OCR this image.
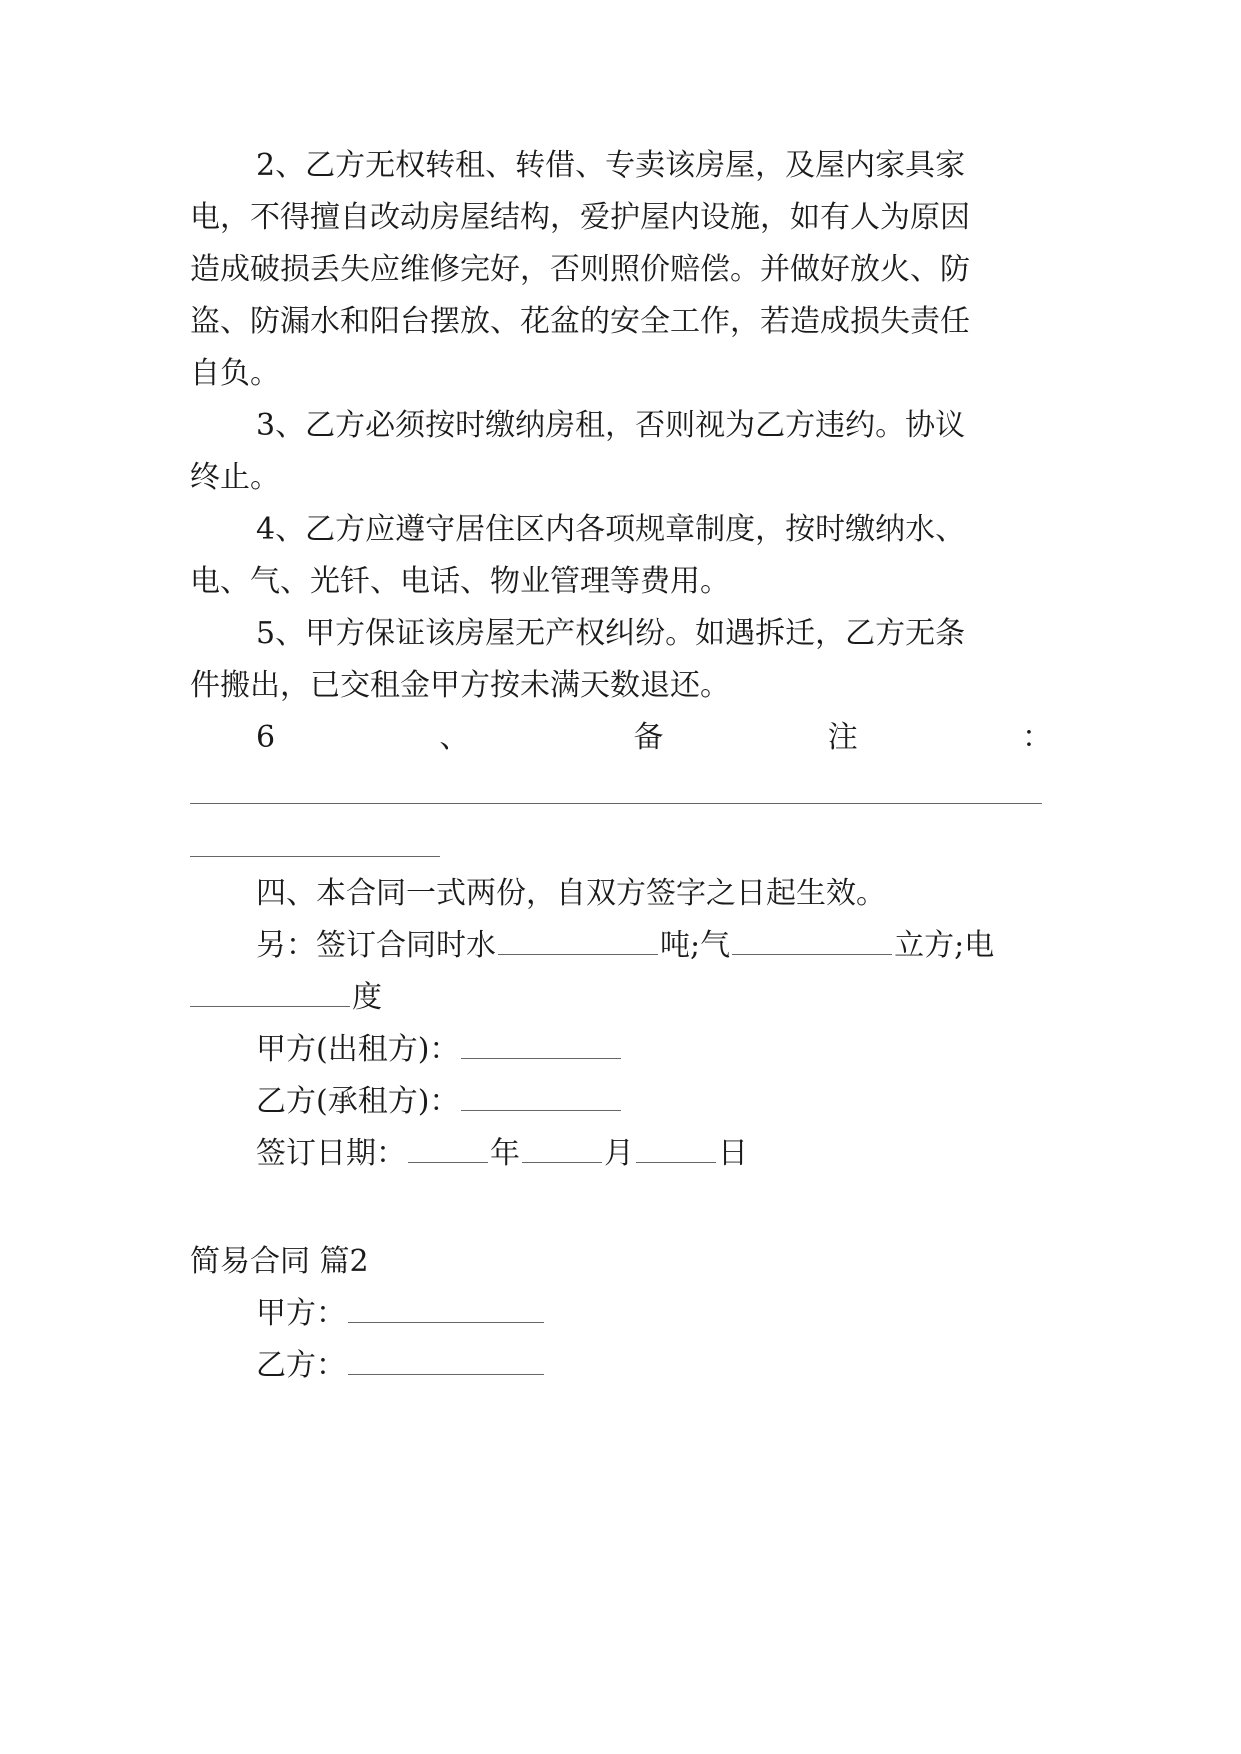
2、乙方无权转租、转借、专卖该房屋，及屋内家具家
电，不得擅自改动房屋结构，爱护屋内设施，如有人为原因
造成破损丢失应维修完好，否则照价赔偿。并做好放火、防
盗、防漏水和阳台摆放、花盆的安全工作，若造成损失责任
自负。
3、乙方必须按时缴纳房租，否则视为乙方违约。协议
终止。
4、乙方应遵守居住区内各项规章制度，按时缴纳水、
电、气、光钎、电话、物业管理等费用。
5、甲方保证该房屋无产权纠纷。如遇拆迁，乙方无条
件搬出，已交租金甲方按未满天数退还。
6	、	备	注	：
四、本合同一式两份，自双方签字之日起生效。
另：签订合同时水	吨;气	立方;电
度
甲方(出租方)：
乙方(承租方)：
签订日期：	年	月	日
简易合同 篇2
甲方：
乙方：
